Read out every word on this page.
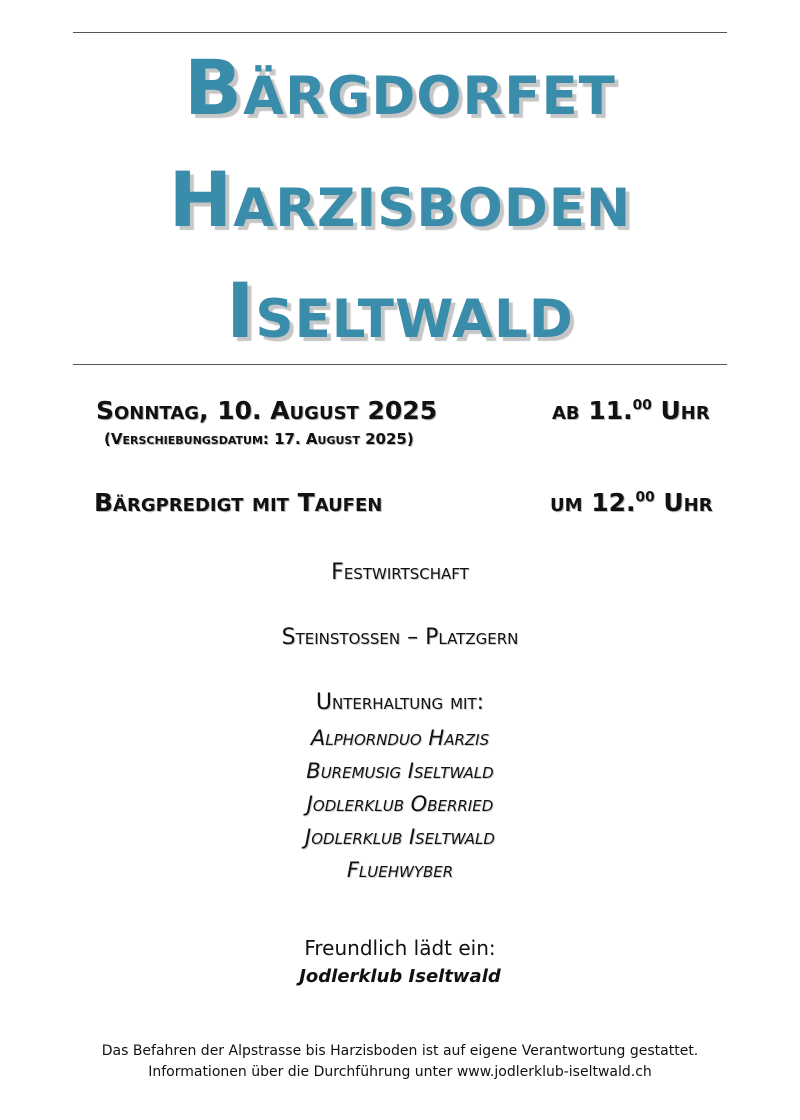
Bärgdorfet
Harzisboden
Iseltwald
Sonntag, 10. August 2025	ab 11.00 Uhr
(Verschiebungsdatum: 17. August 2025)
Bärgpredigt mit Taufen	um 12.00 Uhr
Festwirtschaft
Steinstossen – Platzgern
Unterhaltung mit:
Alphornduo Harzis
Buremusig Iseltwald
Jodlerklub Oberried
Jodlerklub Iseltwald
Fluehwyber
Freundlich lädt ein:
Jodlerklub Iseltwald
Das Befahren der Alpstrasse bis Harzisboden ist auf eigene Verantwortung gestattet.
Informationen über die Durchführung unter www.jodlerklub-iseltwald.ch
